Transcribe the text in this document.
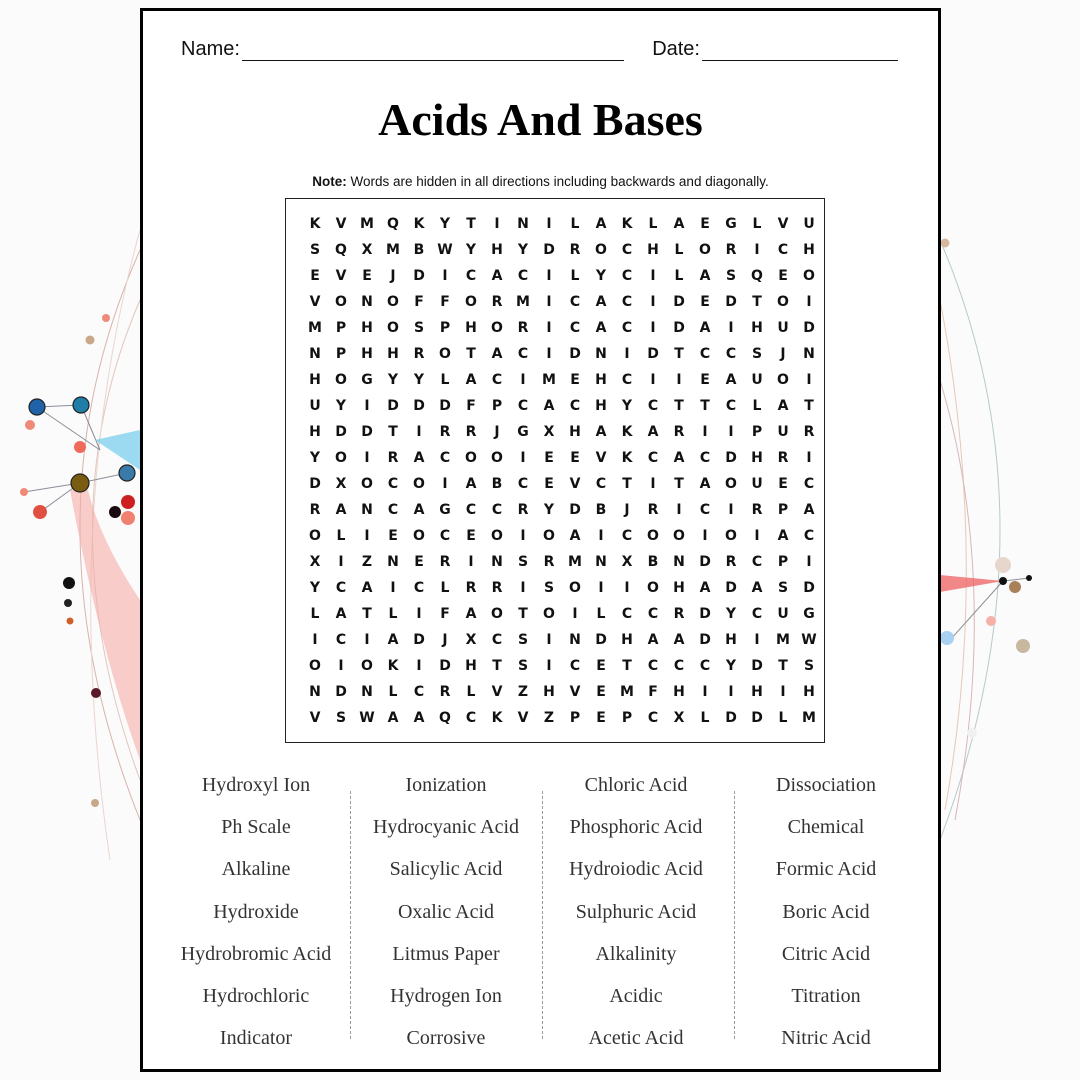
Name:	Date:
Acids And Bases
Note: Words are hidden in all directions including backwards and diagonally.
K	V M Q	K	Y	T	I	N	I	L	A	K	L	A	E	G	L	V	U
S	Q	X M B W Y	H	Y	D	R	O	C	H	L	O	R	I	C	H
E	V	E	J	D	I	C	A	C	I	L	Y	C	I	L	A	S	Q	E	O
V	O	N	O	F	F	O	R M	I	C	A	C	I	D	E	D	T	O	I
M P	H	O	S	P	H	O	R	I	C	A	C	I	D	A	I	H	U	D
N	P	H	H	R	O	T	A	C	I	D	N	I	D	T	C	C	S	J	N
H	O	G	Y	Y	L	A	C	I	M	E	H	C	I	I	E	A	U	O	I
U	Y	I	D	D	D	F	P	C	A	C	H	Y	C	T	T	C	L	A	T
H	D	D	T	I	R	R	J	G	X	H	A	K	A	R	I	I	P	U	R
Y	O	I	R	A	C	O	O	I	E	E	V	K	C	A	C	D	H	R	I
D	X	O	C	O	I	A	B	C	E	V	C	T	I	T	A	O	U	E	C
R	A	N	C	A	G	C	C	R	Y	D	B	J	R	I	C	I	R	P	A
O	L	I	E	O	C	E	O	I	O	A	I	C	O	O	I	O	I	A	C
X	I	Z	N	E	R	I	N	S	R M N	X	B	N	D	R	C	P	I
Y	C	A	I	C	L	R	R	I	S	O	I	I	O	H	A	D	A	S	D
L	A	T	L	I	F	A	O	T	O	I	L	C	C	R	D	Y	C	U	G
I	C	I	A	D	J	X	C	S	I	N	D	H	A	A	D	H	I	M W
O	I	O	K	I	D	H	T	S	I	C	E	T	C	C	C	Y	D	T	S
N	D	N	L	C	R	L	V	Z	H	V	E	M	F	H	I	I	H	I	H
V	S W A	A	Q	C	K	V	Z	P	E	P	C	X	L	D	D	L	M
Hydroxyl Ion
Ph Scale
Alkaline
Hydroxide
Hydrobromic Acid
Hydrochloric
Indicator
Ionization
Hydrocyanic Acid
Salicylic Acid
Oxalic Acid
Litmus Paper
Hydrogen Ion
Corrosive
Chloric Acid
Phosphoric Acid
Hydroiodic Acid
Sulphuric Acid
Alkalinity
Acidic
Acetic Acid
Dissociation
Chemical
Formic Acid
Boric Acid
Citric Acid
Titration
Nitric Acid
